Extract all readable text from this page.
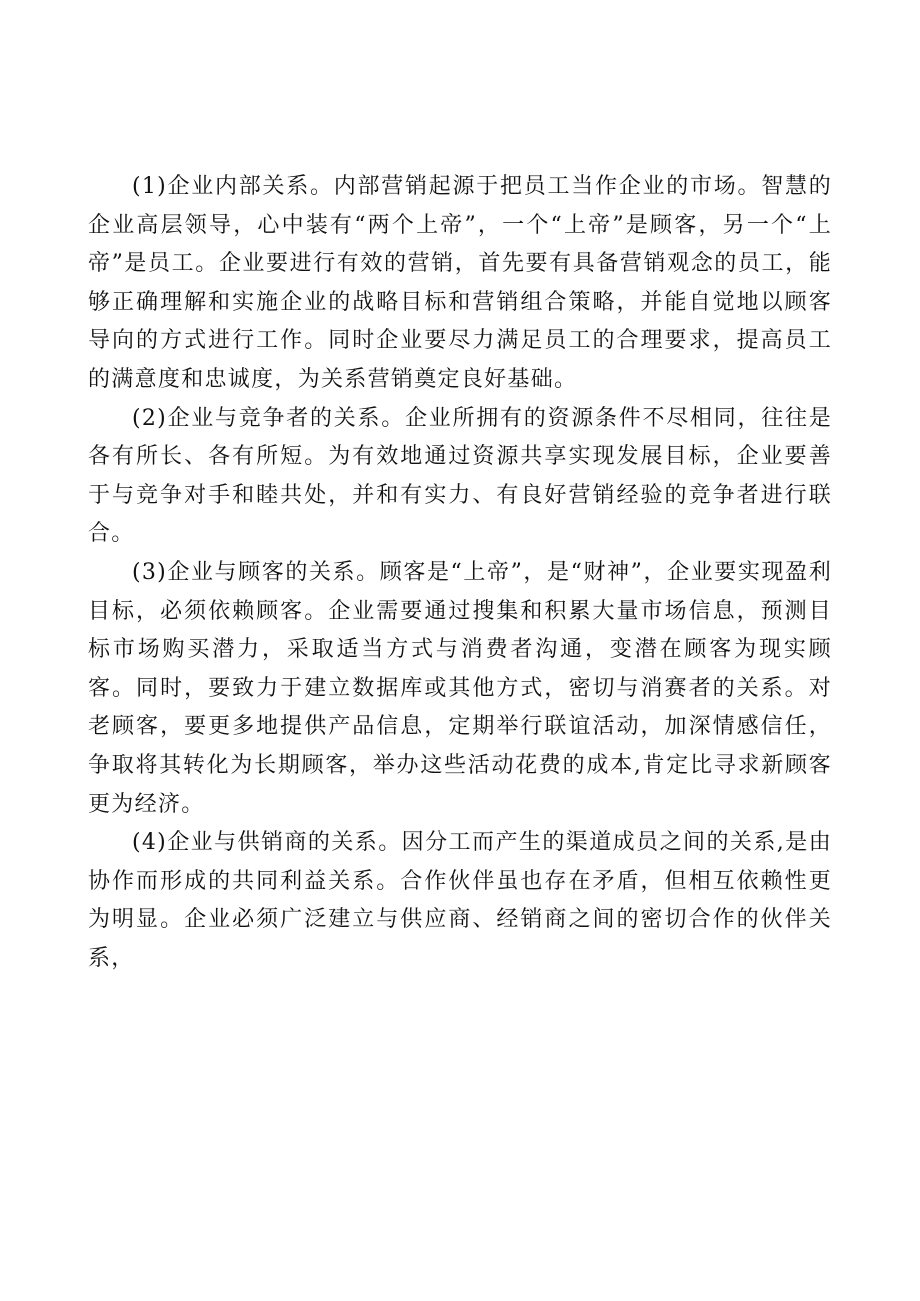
(1)企业内部关系。内部营销起源于把员工当作企业的市场。智慧的企业高层领导，心中装有“两个上帝”，一个“上帝”是顾客，另一个“上帝”是员工。企业要进行有效的营销，首先要有具备营销观念的员工，能够正确理解和实施企业的战略目标和营销组合策略，并能自觉地以顾客导向的方式进行工作。同时企业要尽力满足员工的合理要求，提高员工的满意度和忠诚度，为关系营销奠定良好基础。

(2)企业与竞争者的关系。企业所拥有的资源条件不尽相同，往往是各有所长、各有所短。为有效地通过资源共享实现发展目标，企业要善于与竞争对手和睦共处，并和有实力、有良好营销经验的竞争者进行联合。

(3)企业与顾客的关系。顾客是“上帝”，是“财神”，企业要实现盈利目标，必须依赖顾客。企业需要通过搜集和积累大量市场信息，预测目标市场购买潜力，采取适当方式与消费者沟通，变潜在顾客为现实顾客。同时，要致力于建立数据库或其他方式，密切与消赛者的关系。对老顾客，要更多地提供产品信息，定期举行联谊活动，加深情感信任，争取将其转化为长期顾客，举办这些活动花费的成本,肯定比寻求新顾客更为经济。

(4)企业与供销商的关系。因分工而产生的渠道成员之间的关系,是由协作而形成的共同利益关系。合作伙伴虽也存在矛盾，但相互依赖性更为明显。企业必须广泛建立与供应商、经销商之间的密切合作的伙伴关系，
